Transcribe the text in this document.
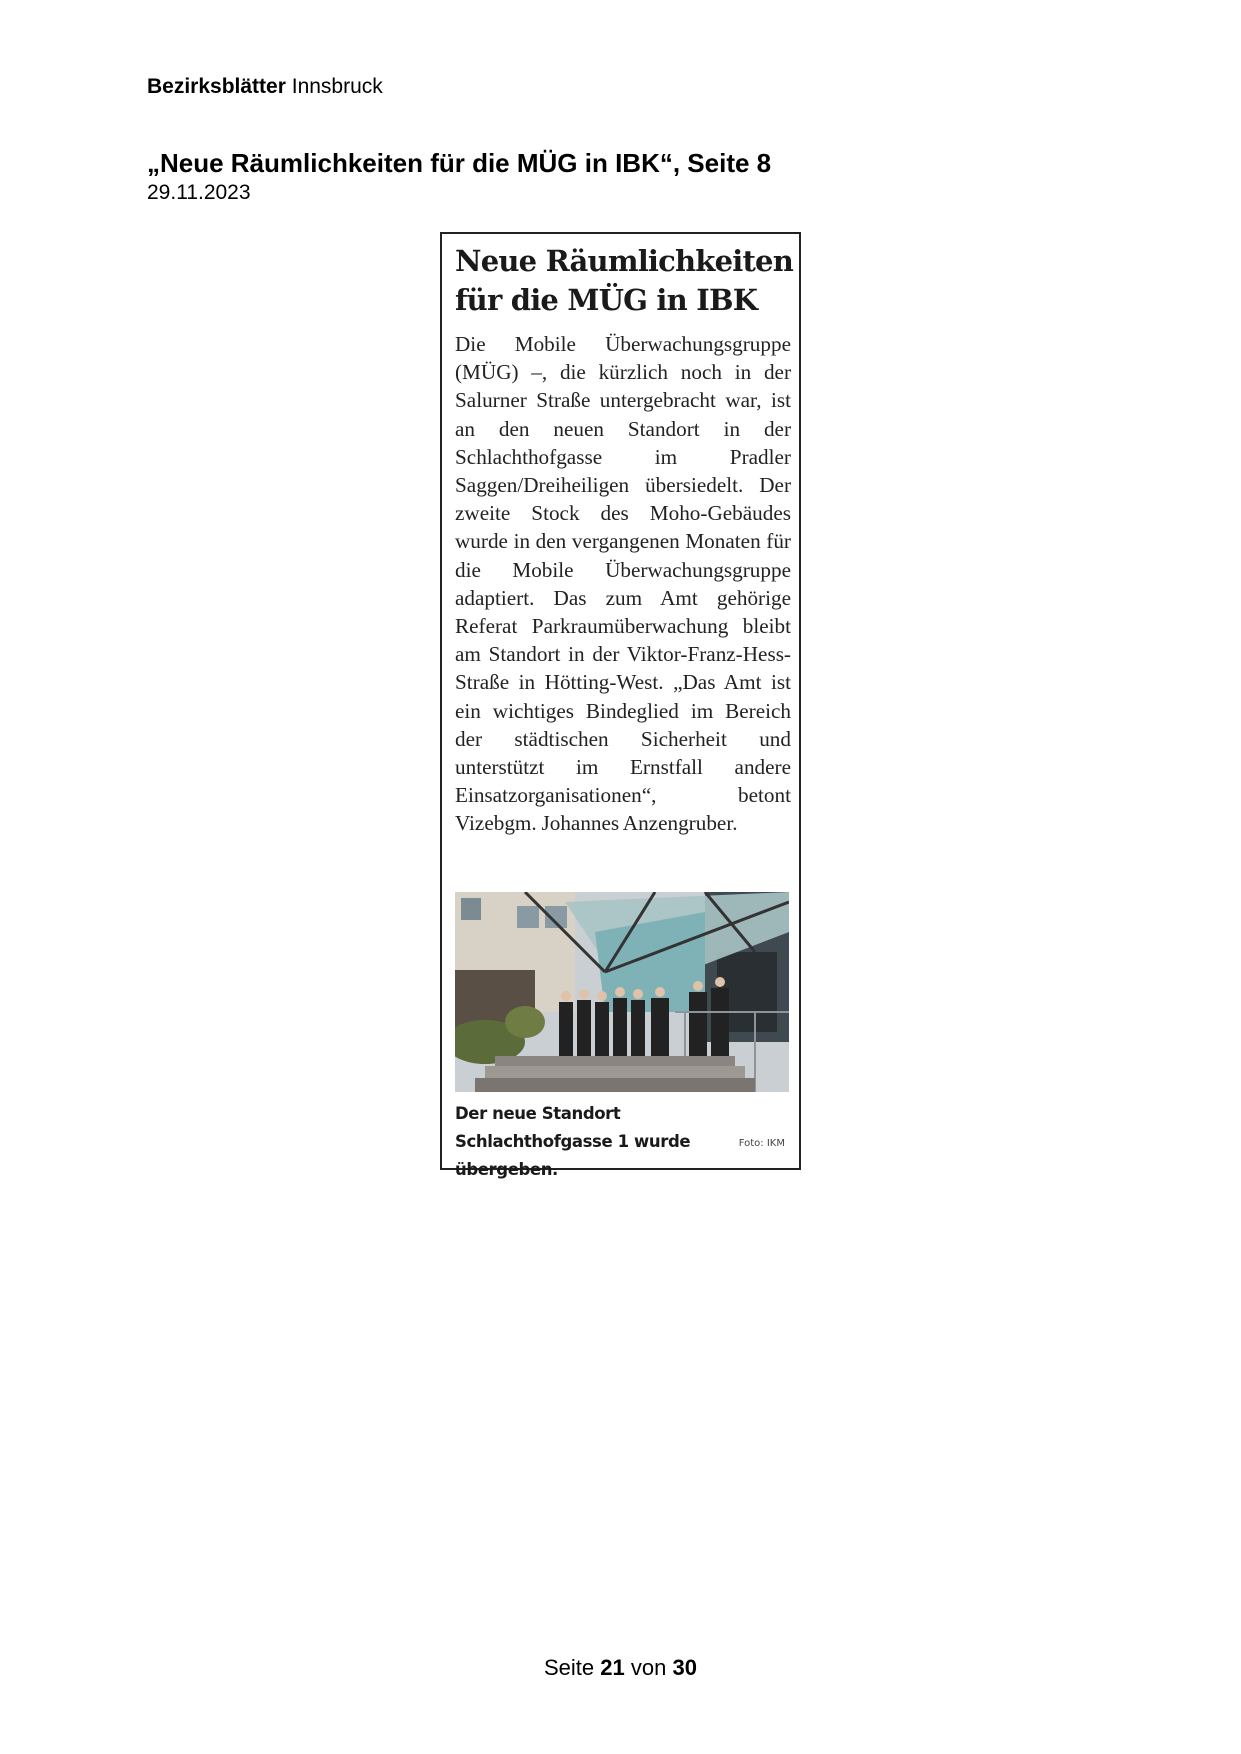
Bezirksblätter Innsbruck
„Neue Räumlichkeiten für die MÜG in IBK“, Seite 8
29.11.2023
Neue Räumlichkeiten für die MÜG in IBK
Die Mobile Überwachungsgruppe (MÜG) –, die kürzlich noch in der Salurner Straße untergebracht war, ist an den neuen Standort in der Schlachthofgasse im Pradler Saggen/Dreiheiligen übersiedelt. Der zweite Stock des Moho-Gebäudes wurde in den vergangenen Monaten für die Mobile Überwachungsgruppe adaptiert. Das zum Amt gehörige Referat Parkraumüberwachung bleibt am Standort in der Viktor-Franz-Hess-Straße in Hötting-West. „Das Amt ist ein wichtiges Bindeglied im Bereich der städtischen Sicherheit und unterstützt im Ernstfall andere Einsatzorganisationen“, betont Vizebgm. Johannes Anzengruber.
Der neue Standort Schlachthofgasse 1 wurde übergeben.
Foto: IKM
Seite 21 von 30
